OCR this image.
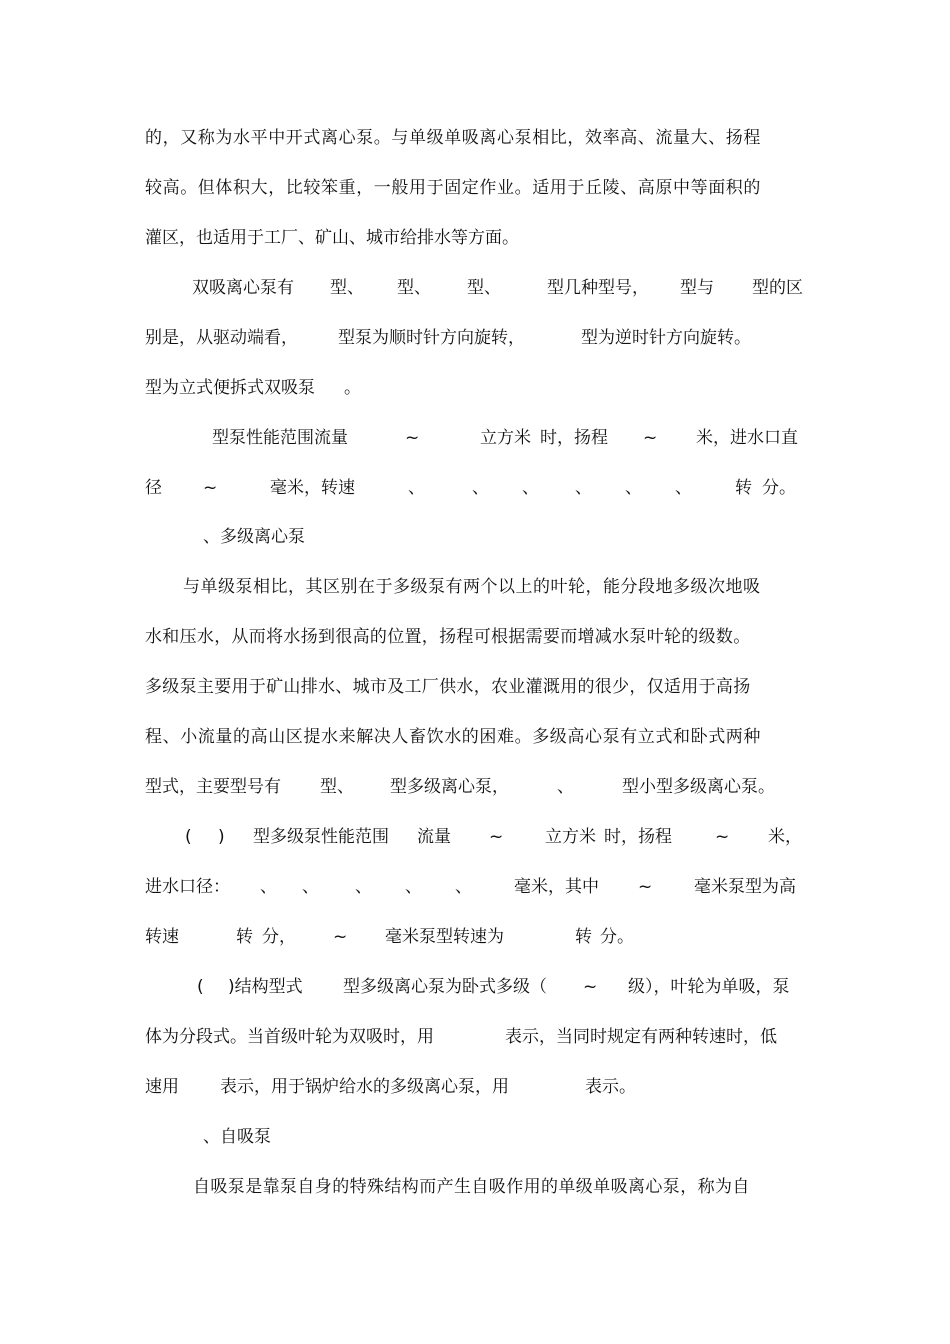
的，又称为水平中开式离心泵。与单级单吸离心泵相比，效率高、流量大、扬程

较高。但体积大，比较笨重，一般用于固定作业。适用于丘陵、高原中等面积的

灌区，也适用于工厂、矿山、城市给排水等方面。

双吸离心泵有

型、

型、

型、

	型几种型号，

型与

型的区

别是，从驱动端看，

型泵为顺时针方向旋转，

	型为逆时针方向旋转。

型为立式便拆式双吸泵

。

型泵性能范围流量

	~

	立方米

时，扬程

~

米，进水口直

径

~

	毫米，转速

	、

	、

、

、

、

、

	转

分。

、多级离心泵

与单级泵相比，其区别在于多级泵有两个以上的叶轮，能分段地多级次地吸

水和压水，从而将水扬到很高的位置，扬程可根据需要而增减水泵叶轮的级数。

多级泵主要用于矿山排水、城市及工厂供水，农业灌溉用的很少，仅适用于高扬

程、小流量的高山区提水来解决人畜饮水的困难。多级高心泵有立式和卧式两种

型式，主要型号有

型、

型多级离心泵，

	、

	型小型多级离心泵。

(

)

型多级泵性能范围

流量

~

立方米

时，扬程

	~

米，

进水口径：

、

、

、

、

、

毫米，其中

~

毫米泵型为高

转速

	转

分，

~

毫米泵型转速为

	转

分。

(

)结构型式

型多级离心泵为卧式多级（

~

级），叶轮为单吸，泵

体为分段式。当首级叶轮为双吸时，用

	表示，当同时规定有两种转速时，低

速用

表示，用于锅炉给水的多级离心泵，用

	表示。

、自吸泵

自吸泵是靠泵自身的特殊结构而产生自吸作用的单级单吸离心泵，称为自
